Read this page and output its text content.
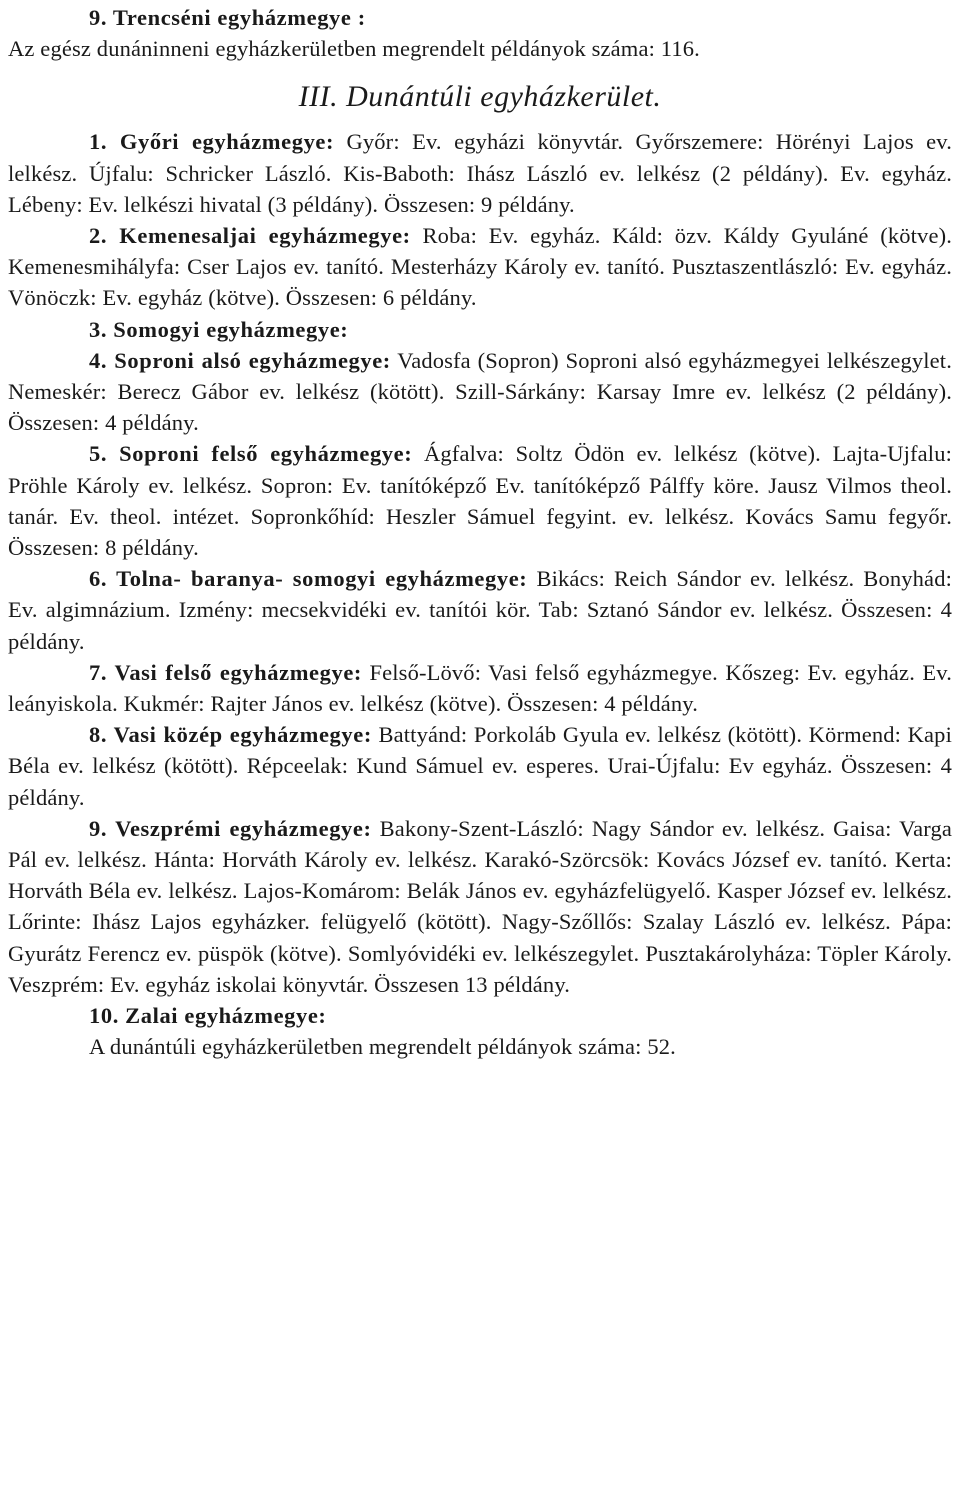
9. Trencséni egyházmegye :

Az egész dunáninneni egyházkerületben megrendelt példányok száma: 116.

III. Dunántúli egyházkerület.

1. Győri egyházmegye: Győr: Ev. egyházi könyvtár. Győrszemere: Hörényi Lajos ev. lelkész. Újfalu: Schricker László. Kis-Baboth: Ihász László ev. lelkész (2 példány). Ev. egyház. Lébeny: Ev. lelkészi hivatal (3 példány). Összesen: 9 példány.

2. Kemenesaljai egyházmegye: Roba: Ev. egyház. Káld: özv. Káldy Gyuláné (kötve). Kemenesmihályfa: Cser Lajos ev. tanító. Mesterházy Károly ev. tanító. Pusztaszentlászló: Ev. egyház. Vönöczk: Ev. egyház (kötve). Összesen: 6 példány.

3. Somogyi egyházmegye:

4. Soproni alsó egyházmegye: Vadosfa (Sopron) Soproni alsó egyházmegyei lelkészegylet. Nemeskér: Berecz Gábor ev. lelkész (kötött). Szill-Sárkány: Karsay Imre ev. lelkész (2 példány). Összesen: 4 példány.

5. Soproni felső egyházmegye: Ágfalva: Soltz Ödön ev. lelkész (kötve). Lajta-Ujfalu: Pröhle Károly ev. lelkész. Sopron: Ev. tanítóképző Ev. tanítóképző Pálffy köre. Jausz Vilmos theol. tanár. Ev. theol. intézet. Sopronkőhíd: Heszler Sámuel fegyint. ev. lelkész. Kovács Samu fegyőr. Összesen: 8 példány.

6. Tolna- baranya- somogyi egyházmegye: Bikács: Reich Sándor ev. lelkész. Bonyhád: Ev. algimnázium. Izmény: mecsekvidéki ev. tanítói kör. Tab: Sztanó Sándor ev. lelkész. Összesen: 4 példány.

7. Vasi felső egyházmegye: Felső-Lövő: Vasi felső egyházmegye. Kőszeg: Ev. egyház. Ev. leányiskola. Kukmér: Rajter János ev. lelkész (kötve). Összesen: 4 példány.

8. Vasi közép egyházmegye: Battyánd: Porkoláb Gyula ev. lelkész (kötött). Körmend: Kapi Béla ev. lelkész (kötött). Répceelak: Kund Sámuel ev. esperes. Urai-Újfalu: Ev egyház. Összesen: 4 példány.

9. Veszprémi egyházmegye: Bakony-Szent-László: Nagy Sándor ev. lelkész. Gaisa: Varga Pál ev. lelkész. Hánta: Horváth Károly ev. lelkész. Karakó-Szörcsök: Kovács József ev. tanító. Kerta: Horváth Béla ev. lelkész. Lajos-Komárom: Belák János ev. egyházfelügyelő. Kasper József ev. lelkész. Lőrinte: Ihász Lajos egyházker. felügyelő (kötött). Nagy-Szőllős: Szalay László ev. lelkész. Pápa: Gyurátz Ferencz ev. püspök (kötve). Somlyóvidéki ev. lelkészegylet. Pusztakárolyháza: Töpler Károly. Veszprém: Ev. egyház iskolai könyvtár. Összesen 13 példány.

10. Zalai egyházmegye:

A dunántúli egyházkerületben megrendelt példányok száma: 52.
